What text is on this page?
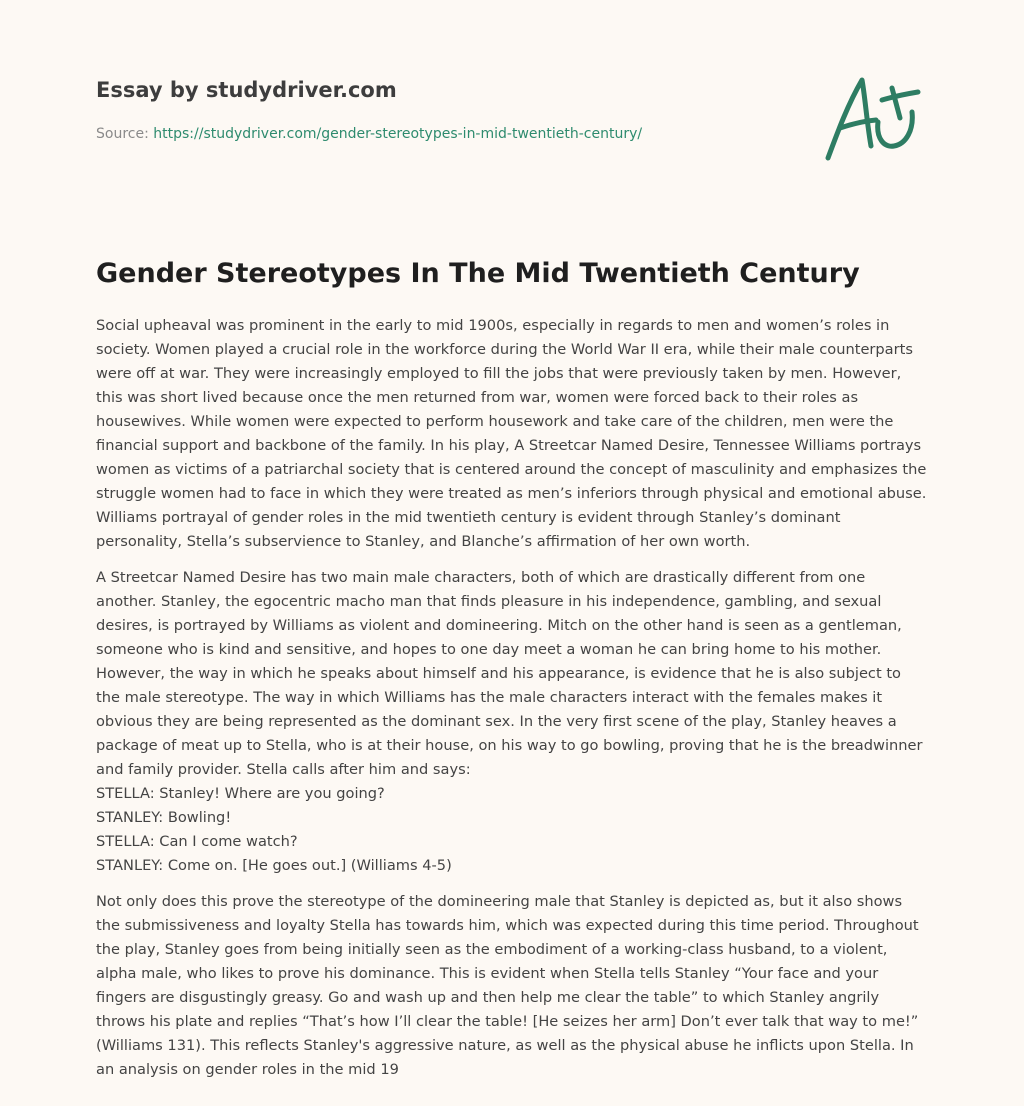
Essay by studydriver.com
Source: https://studydriver.com/gender-stereotypes-in-mid-twentieth-century/
Gender Stereotypes In The Mid Twentieth Century

Social upheaval was prominent in the early to mid 1900s, especially in regards to men and women’s roles in society. Women played a crucial role in the workforce during the World War II era, while their male counterparts were off at war. They were increasingly employed to fill the jobs that were previously taken by men. However, this was short lived because once the men returned from war, women were forced back to their roles as housewives. While women were expected to perform housework and take care of the children, men were the financial support and backbone of the family. In his play, A Streetcar Named Desire, Tennessee Williams portrays women as victims of a patriarchal society that is centered around the concept of masculinity and emphasizes the struggle women had to face in which they were treated as men’s inferiors through physical and emotional abuse. Williams portrayal of gender roles in the mid twentieth century is evident through Stanley’s dominant personality, Stella’s subservience to Stanley, and Blanche’s affirmation of her own worth.

A Streetcar Named Desire has two main male characters, both of which are drastically different from one another. Stanley, the egocentric macho man that finds pleasure in his independence, gambling, and sexual desires, is portrayed by Williams as violent and domineering. Mitch on the other hand is seen as a gentleman, someone who is kind and sensitive, and hopes to one day meet a woman he can bring home to his mother. However, the way in which he speaks about himself and his appearance, is evidence that he is also subject to the male stereotype. The way in which Williams has the male characters interact with the females makes it obvious they are being represented as the dominant sex. In the very first scene of the play, Stanley heaves a package of meat up to Stella, who is at their house, on his way to go bowling, proving that he is the breadwinner and family provider. Stella calls after him and says:

STELLA: Stanley! Where are you going?
STANLEY: Bowling!
STELLA: Can I come watch?
STANLEY: Come on. [He goes out.] (Williams 4-5)

Not only does this prove the stereotype of the domineering male that Stanley is depicted as, but it also shows the submissiveness and loyalty Stella has towards him, which was expected during this time period. Throughout the play, Stanley goes from being initially seen as the embodiment of a working-class husband, to a violent, alpha male, who likes to prove his dominance. This is evident when Stella tells Stanley “Your face and your fingers are disgustingly greasy. Go and wash up and then help me clear the table” to which Stanley angrily throws his plate and replies “That’s how I’ll clear the table! [He seizes her arm] Don’t ever talk that way to me!” (Williams 131). This reflects Stanley's aggressive nature, as well as the physical abuse he inflicts upon Stella. In an analysis on gender roles in the mid 19
